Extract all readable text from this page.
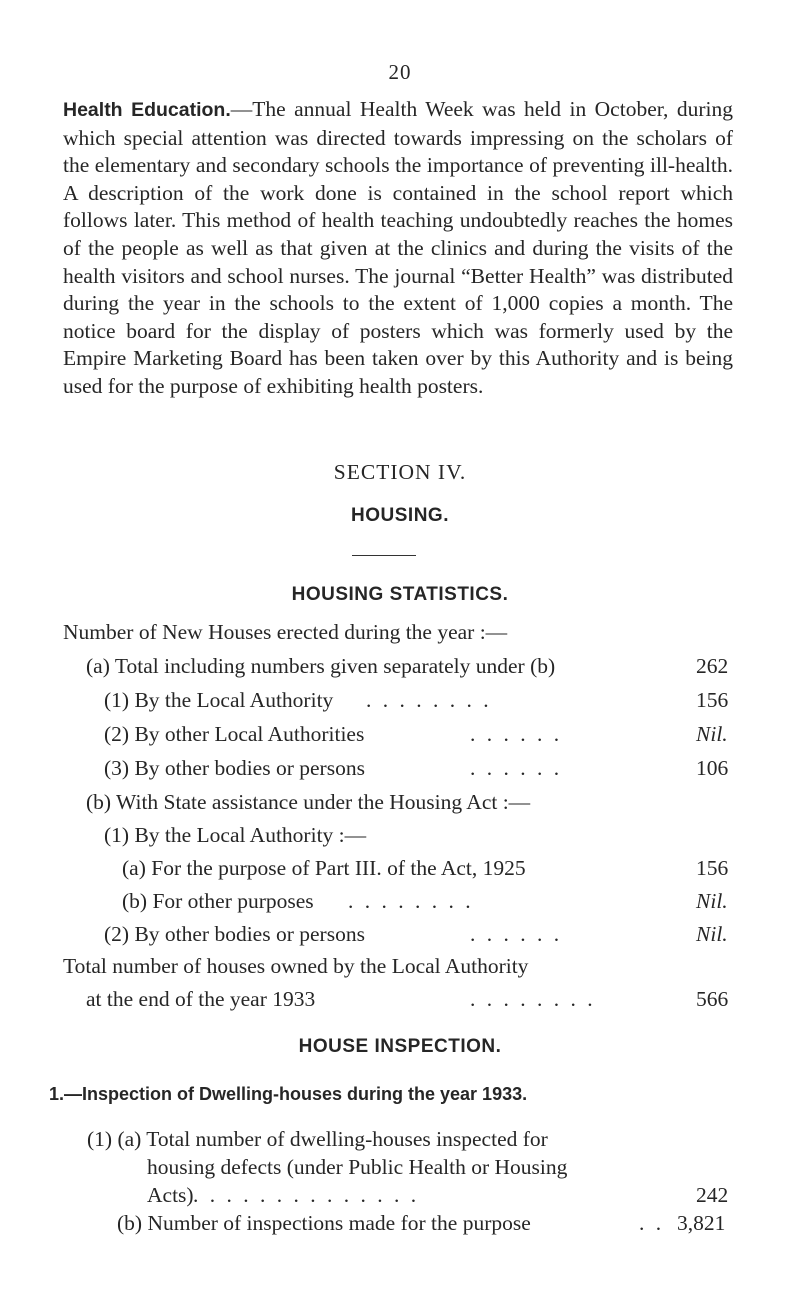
20
Health Education.—The annual Health Week was held in October, during which special attention was directed towards impressing on the scholars of the elementary and secondary schools the importance of preventing ill-health. A description of the work done is contained in the school report which follows later. This method of health teaching undoubtedly reaches the homes of the people as well as that given at the clinics and during the visits of the health visitors and school nurses. The journal “Better Health” was distributed during the year in the schools to the extent of 1,000 copies a month. The notice board for the display of posters which was formerly used by the Empire Marketing Board has been taken over by this Authority and is being used for the purpose of exhibiting health posters.
SECTION IV.
HOUSING.
HOUSING STATISTICS.
Number of New Houses erected during the year :—
(a) Total including numbers given separately under (b)	262
(1) By the Local Authority . . . . . . . .	156
(2) By other Local Authorities	. . . . . .	Nil.
(3) By other bodies or persons	. . . . . .	106
(b) With State assistance under the Housing Act :—
(1) By the Local Authority :—
(a) For the purpose of Part III. of the Act, 1925	156
(b) For other purposes . . . . . . . .	Nil.
(2) By other bodies or persons	. . . . . .	Nil.
Total number of houses owned by the Local Authority
at the end of the year 1933	. . . . . . . .	566
HOUSE INSPECTION.
1.—Inspection of Dwelling-houses during the year 1933.
(1) (a) Total number of dwelling-houses inspected for
housing defects (under Public Health or Housing
Acts) . . . . . . . . . . . . . .	242
(b) Number of inspections made for the purpose	. . 3,821
